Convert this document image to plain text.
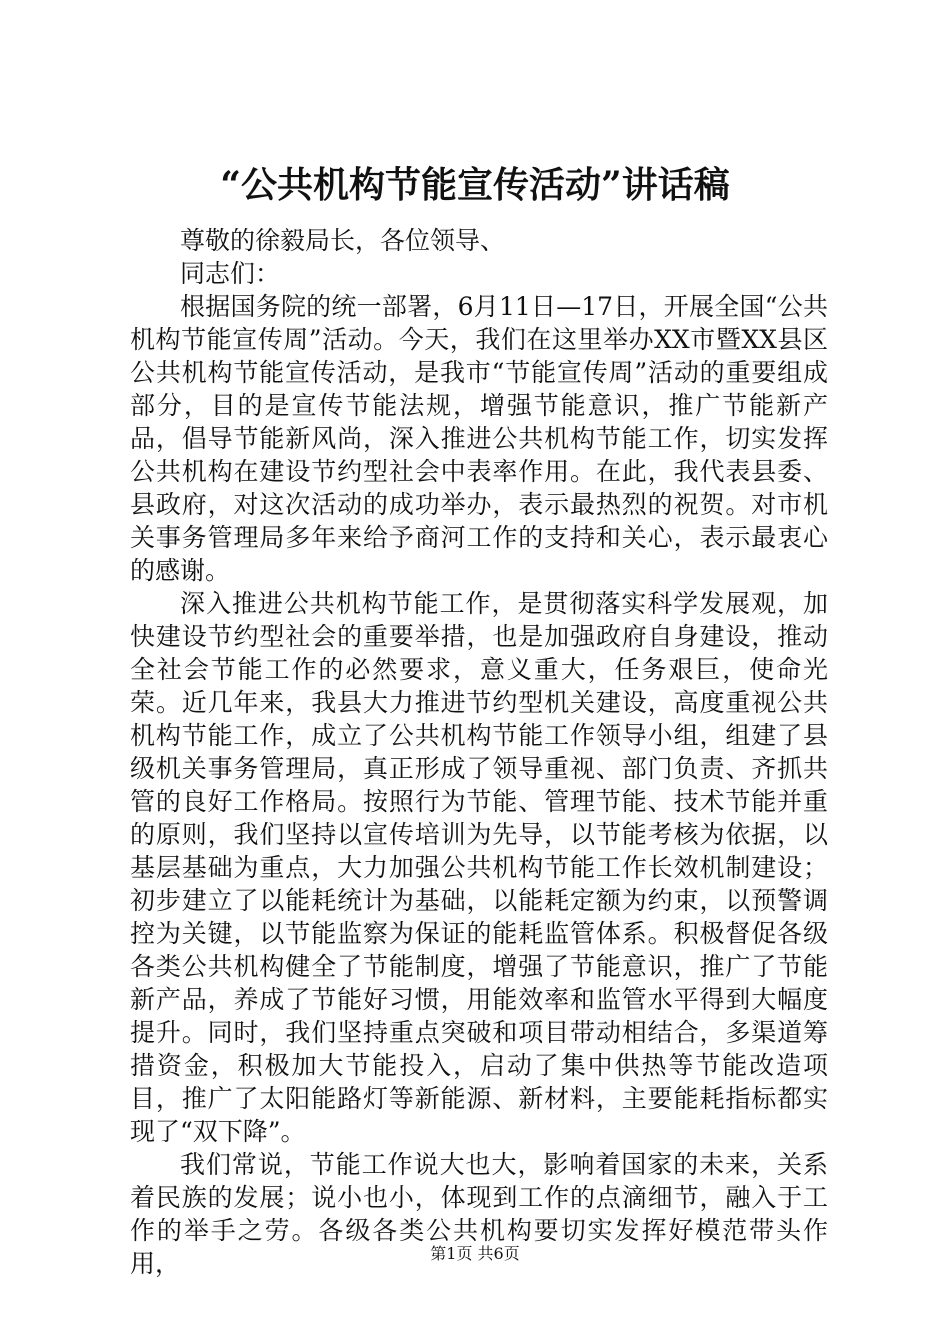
“公共机构节能宣传活动”讲话稿

尊敬的徐毅局长，各位领导、

同志们：

根据国务院的统一部署，6月11日—17日，开展全国“公共机构节能宣传周”活动。今天，我们在这里举办XX市暨XX县区公共机构节能宣传活动，是我市“节能宣传周”活动的重要组成部分，目的是宣传节能法规，增强节能意识，推广节能新产品，倡导节能新风尚，深入推进公共机构节能工作，切实发挥公共机构在建设节约型社会中表率作用。在此，我代表县委、县政府，对这次活动的成功举办，表示最热烈的祝贺。对市机关事务管理局多年来给予商河工作的支持和关心，表示最衷心的感谢。

深入推进公共机构节能工作，是贯彻落实科学发展观，加快建设节约型社会的重要举措，也是加强政府自身建设，推动全社会节能工作的必然要求，意义重大，任务艰巨，使命光荣。近几年来，我县大力推进节约型机关建设，高度重视公共机构节能工作，成立了公共机构节能工作领导小组，组建了县级机关事务管理局，真正形成了领导重视、部门负责、齐抓共管的良好工作格局。按照行为节能、管理节能、技术节能并重的原则，我们坚持以宣传培训为先导，以节能考核为依据，以基层基础为重点，大力加强公共机构节能工作长效机制建设；初步建立了以能耗统计为基础，以能耗定额为约束，以预警调控为关键，以节能监察为保证的能耗监管体系。积极督促各级各类公共机构健全了节能制度，增强了节能意识，推广了节能新产品，养成了节能好习惯，用能效率和监管水平得到大幅度提升。同时，我们坚持重点突破和项目带动相结合，多渠道筹措资金，积极加大节能投入，启动了集中供热等节能改造项目，推广了太阳能路灯等新能源、新材料，主要能耗指标都实现了“双下降”。

我们常说，节能工作说大也大，影响着国家的未来，关系着民族的发展；说小也小，体现到工作的点滴细节，融入于工作的举手之劳。各级各类公共机构要切实发挥好模范带头作用，	第1页 共6页
